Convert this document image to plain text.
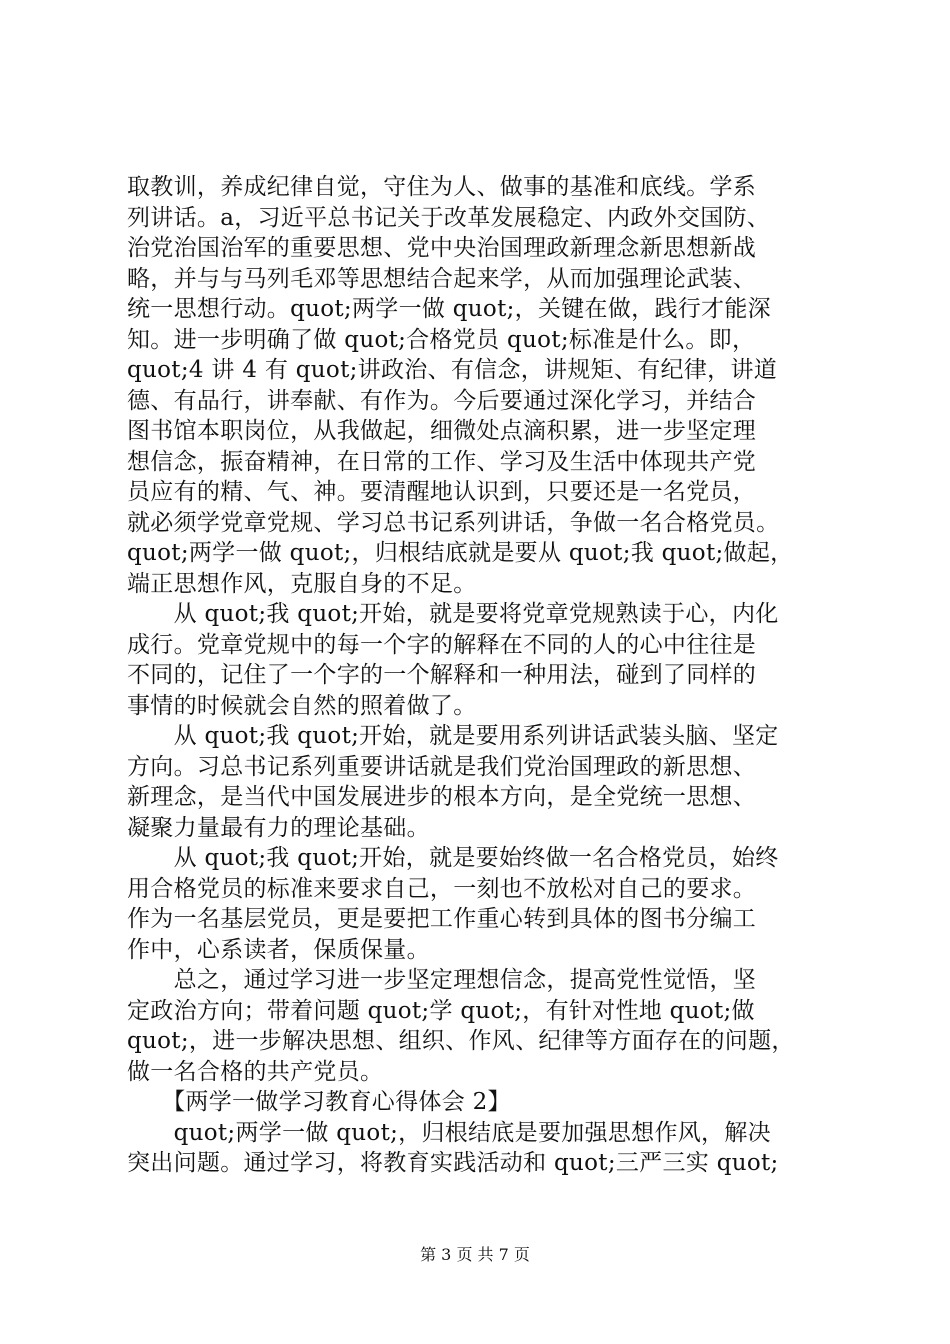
取教训，养成纪律自觉，守住为人、做事的基准和底线。学系
列讲话。a，习近平总书记关于改革发展稳定、内政外交国防、
治党治国治军的重要思想、党中央治国理政新理念新思想新战
略，并与与马列毛邓等思想结合起来学，从而加强理论武装、
统一思想行动。quot;两学一做 quot;，关键在做，践行才能深
知。进一步明确了做 quot;合格党员 quot;标准是什么。即，
quot;4 讲 4 有 quot;讲政治、有信念，讲规矩、有纪律，讲道
德、有品行，讲奉献、有作为。今后要通过深化学习，并结合
图书馆本职岗位，从我做起，细微处点滴积累，进一步坚定理
想信念，振奋精神，在日常的工作、学习及生活中体现共产党
员应有的精、气、神。要清醒地认识到，只要还是一名党员，
就必须学党章党规、学习总书记系列讲话，争做一名合格党员。
quot;两学一做 quot;，归根结底就是要从 quot;我 quot;做起，
端正思想作风，克服自身的不足。
　　从 quot;我 quot;开始，就是要将党章党规熟读于心，内化
成行。党章党规中的每一个字的解释在不同的人的心中往往是
不同的，记住了一个字的一个解释和一种用法，碰到了同样的
事情的时候就会自然的照着做了。
　　从 quot;我 quot;开始，就是要用系列讲话武装头脑、坚定
方向。习总书记系列重要讲话就是我们党治国理政的新思想、
新理念，是当代中国发展进步的根本方向，是全党统一思想、
凝聚力量最有力的理论基础。
　　从 quot;我 quot;开始，就是要始终做一名合格党员，始终
用合格党员的标准来要求自己，一刻也不放松对自己的要求。
作为一名基层党员，更是要把工作重心转到具体的图书分编工
作中，心系读者，保质保量。
　　总之，通过学习进一步坚定理想信念，提高党性觉悟，坚
定政治方向；带着问题 quot;学 quot;，有针对性地 quot;做
quot;，进一步解决思想、组织、作风、纪律等方面存在的问题，
做一名合格的共产党员。
　　【两学一做学习教育心得体会 2】
　　quot;两学一做 quot;，归根结底是要加强思想作风，解决
突出问题。通过学习，将教育实践活动和 quot;三严三实 quot;
第 3 页 共 7 页
